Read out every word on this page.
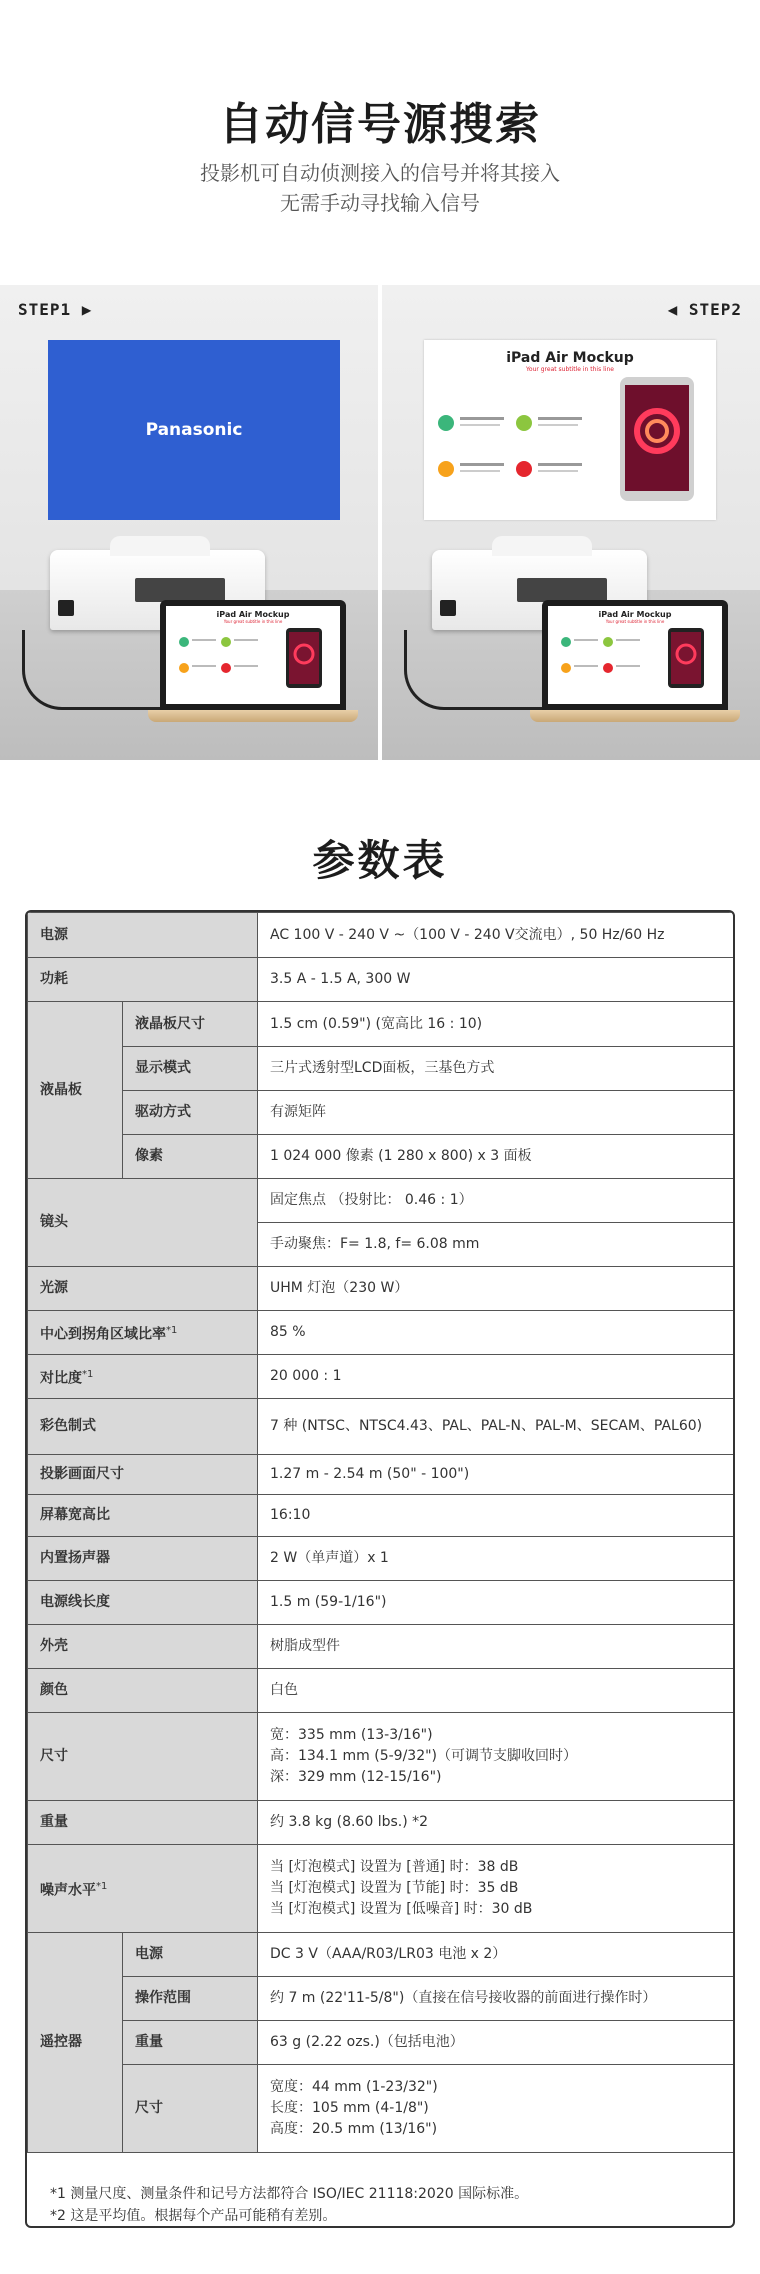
自动信号源搜索
投影机可自动侦测接入的信号并将其接入
无需手动寻找输入信号
STEP1 ▶
Panasonic
iPad Air Mockup
Your great subtitle in this line
◀ STEP2
iPad Air Mockup
Your great subtitle in this line
iPad Air Mockup
Your great subtitle in this line
参数表
电源		AC 100 V - 240 V ~（100 V - 240 V交流电）, 50 Hz/60 Hz
功耗		3.5 A - 1.5 A, 300 W
液晶板	液晶板尺寸	1.5 cm (0.59") (宽高比 16 : 10)
	显示模式	三片式透射型LCD面板，三基色方式
	驱动方式	有源矩阵
	像素	1 024 000 像素 (1 280 x 800) x 3 面板
镜头		固定焦点 （投射比： 0.46 : 1）
		手动聚焦：F= 1.8, f= 6.08 mm
光源		UHM 灯泡（230 W）
中心到拐角区域比率$^{*1}$		85 %
对比度$^{*1}$		20 000 : 1
彩色制式		7 种 (NTSC、NTSC4.43、PAL、PAL-N、PAL-M、SECAM、PAL60)
投影画面尺寸		1.27 m - 2.54 m (50" - 100")
屏幕宽高比		16:10
内置扬声器		2 W（单声道）x 1
电源线长度		1.5 m (59-1/16")
外壳		树脂成型件
颜色		白色
尺寸		宽：335 mm (13-3/16")
高：134.1 mm (5-9/32")（可调节支脚收回时）
深：329 mm (12-15/16")

重量		约 3.8 kg (8.60 lbs.) *2
噪声水平$^{*1}$		当 [灯泡模式] 设置为 [普通] 时：38 dB
当 [灯泡模式] 设置为 [节能] 时：35 dB
当 [灯泡模式] 设置为 [低噪音] 时：30 dB

遥控器	电源	DC 3 V（AAA/R03/LR03 电池 x 2）
	操作范围	约 7 m (22'11-5/8")（直接在信号接收器的前面进行操作时）
	重量	63 g (2.22 ozs.)（包括电池）
	尺寸	宽度：44 mm (1-23/32")
长度：105 mm (4-1/8")
高度：20.5 mm (13/16")
*1 测量尺度、测量条件和记号方法都符合 ISO/IEC 21118:2020 国际标准。
*2 这是平均值。根据每个产品可能稍有差别。
